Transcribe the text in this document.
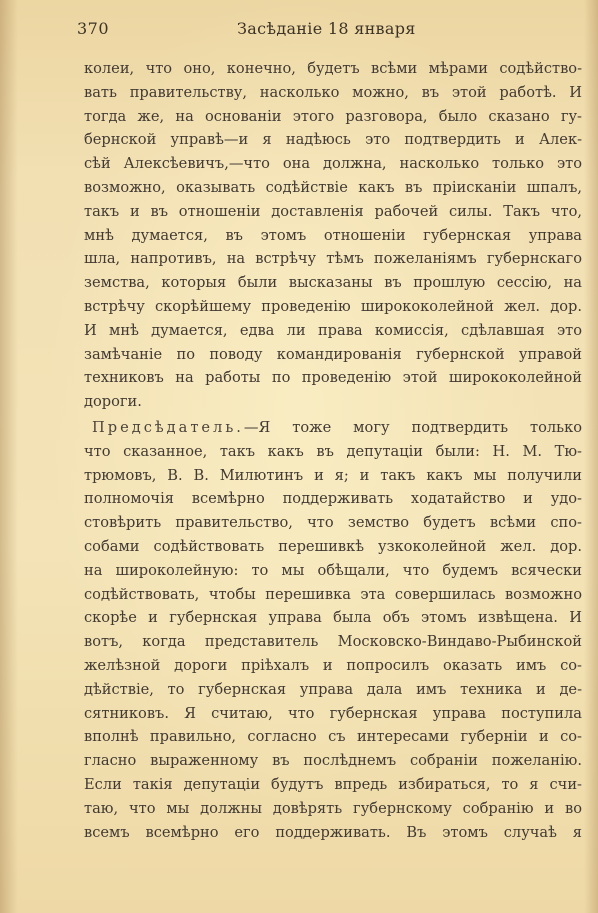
370	Засѣданіе 18 января
колеи, что оно, конечно, будетъ всѣми мѣрами содѣйство-
вать правительству, насколько можно, въ этой работѣ. И
тогда же, на основаніи этого разговора, было сказано гу-
бернской управѣ—и я надѣюсь это подтвердить и Алек-
сѣй Алексѣевичъ,—что она должна, насколько только это
возможно, оказывать содѣйствіе какъ въ пріисканіи шпалъ,
такъ и въ отношеніи доставленія рабочей силы. Такъ что,
мнѣ думается, въ этомъ отношеніи губернская управа
шла, напротивъ, на встрѣчу тѣмъ пожеланіямъ губернскаго
земства, которыя были высказаны въ прошлую сессію, на
встрѣчу скорѣйшему проведенію ширококолейной жел. дор.
И мнѣ думается, едва ли права комиссія, сдѣлавшая это
замѣчаніе по поводу командированія губернской управой
техниковъ на работы по проведенію этой ширококолейной
дороги.
Предсѣдатель.—Я тоже могу подтвердить только
что сказанное, такъ какъ въ депутаціи были: Н. М. Тю-
трюмовъ, В. В. Милютинъ и я; и такъ какъ мы получили
полномочія всемѣрно поддерживать ходатайство и удо-
стовѣрить правительство, что земство будетъ всѣми спо-
собами содѣйствовать перешивкѣ узкоколейной жел. дор.
на широколейную: то мы обѣщали, что будемъ всячески
содѣйствовать, чтобы перешивка эта совершилась возможно
скорѣе и губернская управа была объ этомъ извѣщена. И
вотъ, когда представитель Московско-Виндаво-Рыбинской
желѣзной дороги пріѣхалъ и попросилъ оказать имъ со-
дѣйствіе, то губернская управа дала имъ техника и де-
сятниковъ. Я считаю, что губернская управа поступила
вполнѣ правильно, согласно съ интересами губерніи и со-
гласно выраженному въ послѣднемъ собраніи пожеланію.
Если такія депутаціи будутъ впредь избираться, то я счи-
таю, что мы должны довѣрять губернскому собранію и во
всемъ всемѣрно его поддерживать. Въ этомъ случаѣ я
